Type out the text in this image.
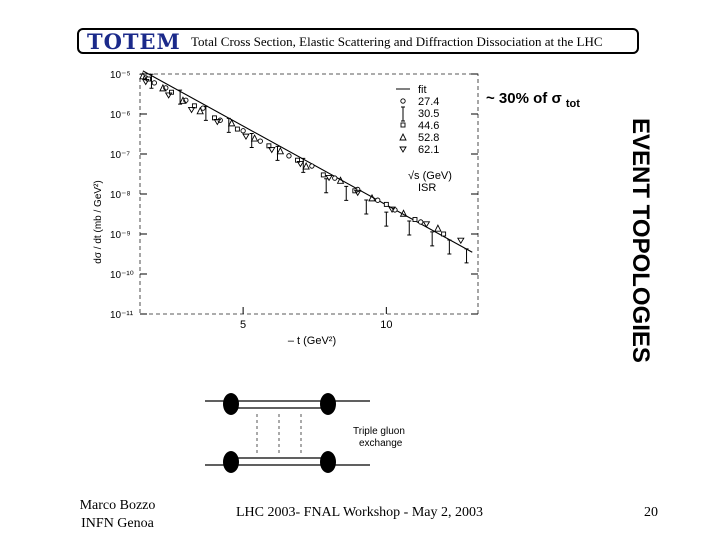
TOTEM Total Cross Section, Elastic Scattering and Diffraction Dissociation at the LHC
~ 30% of σ $_{tot}$
EVENT TOPOLOGIES
10⁻⁵
10⁻⁶
10⁻⁷
10⁻⁸
10⁻⁹
10⁻¹⁰
10⁻¹¹
5	10
fit
27.4
30.5
44.6
52.8
62.1
√s (GeV)
ISR
– t (GeV²)
dσ / dt (mb / GeV²)
Triple gluon
exchange
Marco Bozzo
INFN Genoa
LHC 2003- FNAL Workshop - May 2, 2003	20
